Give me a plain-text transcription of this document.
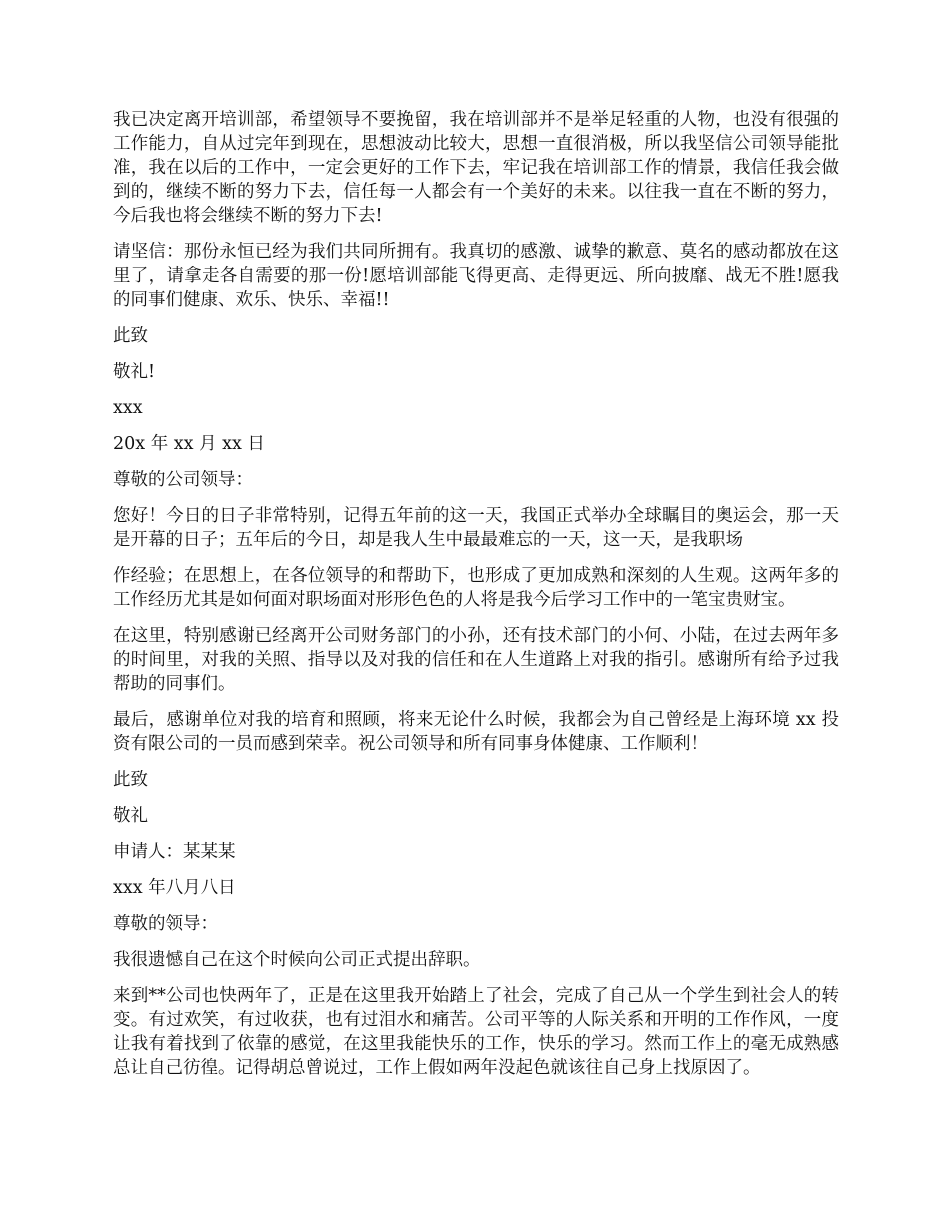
我已决定离开培训部，希望领导不要挽留，我在培训部并不是举足轻重的人物，也没有很强的工作能力，自从过完年到现在，思想波动比较大，思想一直很消极，所以我坚信公司领导能批准，我在以后的工作中，一定会更好的工作下去，牢记我在培训部工作的情景，我信任我会做到的，继续不断的努力下去，信任每一人都会有一个美好的未来。以往我一直在不断的努力，今后我也将会继续不断的努力下去!

请坚信：那份永恒已经为我们共同所拥有。我真切的感激、诚挚的歉意、莫名的感动都放在这里了，请拿走各自需要的那一份!愿培训部能飞得更高、走得更远、所向披靡、战无不胜!愿我的同事们健康、欢乐、快乐、幸福!!

此致

敬礼!

xxx

20x 年 xx 月 xx 日

尊敬的公司领导：

您好！今日的日子非常特别，记得五年前的这一天，我国正式举办全球瞩目的奥运会，那一天是开幕的日子；五年后的今日，却是我人生中最最难忘的一天，这一天，是我职场

作经验；在思想上，在各位领导的和帮助下，也形成了更加成熟和深刻的人生观。这两年多的工作经历尤其是如何面对职场面对形形色色的人将是我今后学习工作中的一笔宝贵财宝。

在这里，特别感谢已经离开公司财务部门的小孙，还有技术部门的小何、小陆，在过去两年多的时间里，对我的关照、指导以及对我的信任和在人生道路上对我的指引。感谢所有给予过我帮助的同事们。

最后，感谢单位对我的培育和照顾，将来无论什么时候，我都会为自己曾经是上海环境 xx 投资有限公司的一员而感到荣幸。祝公司领导和所有同事身体健康、工作顺利！

此致

敬礼

申请人：某某某

xxx 年八月八日

尊敬的领导：

我很遗憾自己在这个时候向公司正式提出辞职。

来到**公司也快两年了，正是在这里我开始踏上了社会，完成了自己从一个学生到社会人的转变。有过欢笑，有过收获，也有过泪水和痛苦。公司平等的人际关系和开明的工作作风，一度让我有着找到了依靠的感觉，在这里我能快乐的工作，快乐的学习。然而工作上的毫无成熟感总让自己彷徨。记得胡总曾说过，工作上假如两年没起色就该往自己身上找原因了。
